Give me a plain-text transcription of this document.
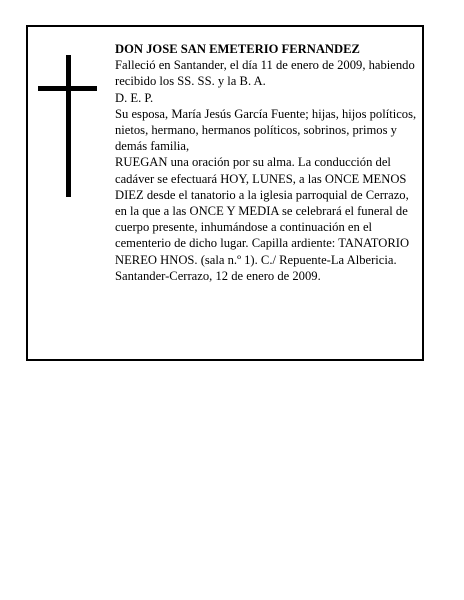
DON JOSE SAN EMETERIO FERNANDEZ

Falleció en Santander, el día 11 de enero de 2009, habiendo recibido los SS. SS. y la B. A.

D. E. P.

Su esposa, María Jesús García Fuente; hijas, hijos políticos, nietos, hermano, hermanos políticos, sobrinos, primos y demás familia,

RUEGAN una oración por su alma. La conducción del cadáver se efectuará HOY, LUNES, a las ONCE MENOS DIEZ desde el tanatorio a la iglesia parroquial de Cerrazo, en la que a las ONCE Y MEDIA se celebrará el funeral de cuerpo presente, inhumándose a continuación en el cementerio de dicho lugar. Capilla ardiente: TANATORIO NEREO HNOS. (sala n.º 1). C./ Repuente-La Albericia.

Santander-Cerrazo, 12 de enero de 2009.
